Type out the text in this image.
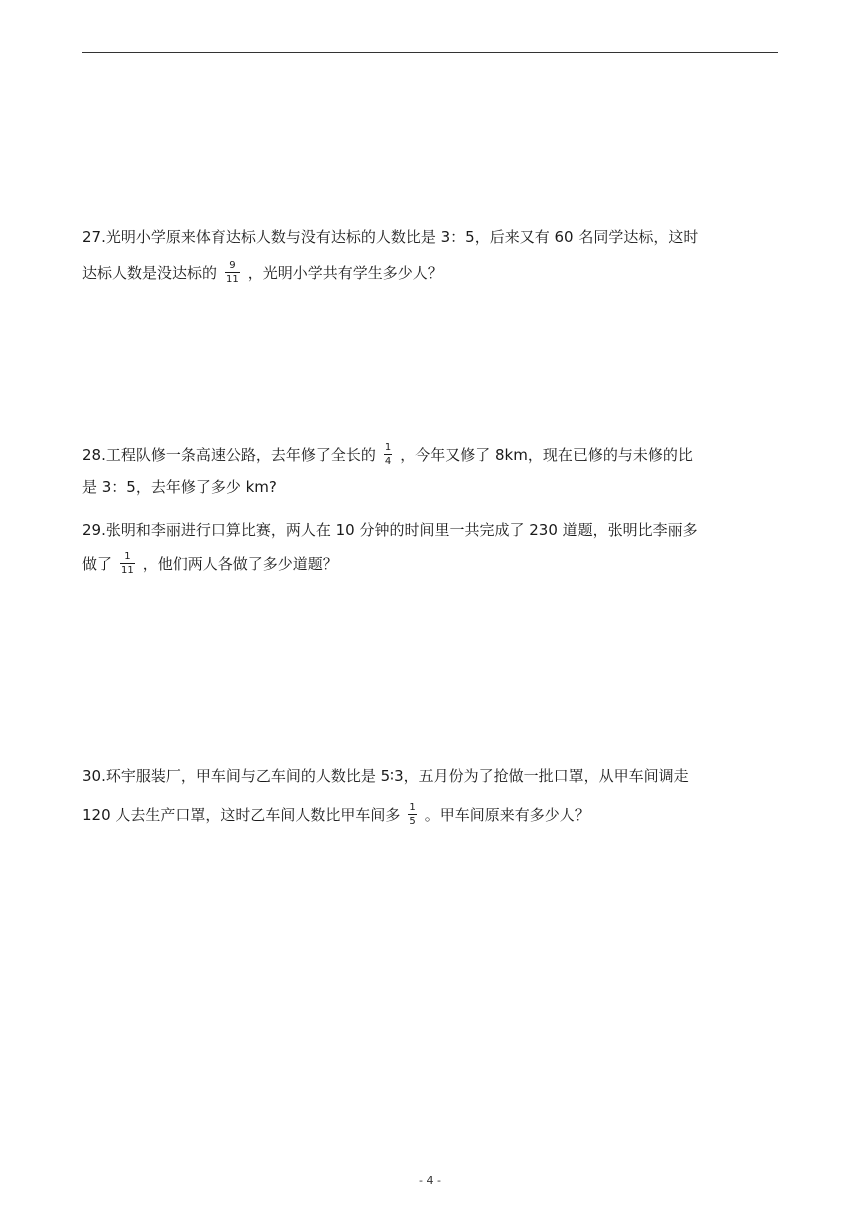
27.光明小学原来体育达标人数与没有达标的人数比是 3：5，后来又有 60 名同学达标，这时
达标人数是没达标的 $\frac{9}{11}$ ，光明小学共有学生多少人？
28.工程队修一条高速公路，去年修了全长的 $\frac{1}{4}$ ，今年又修了 8km，现在已修的与未修的比
是 3：5，去年修了多少 km?
29.张明和李丽进行口算比赛，两人在 10 分钟的时间里一共完成了 230 道题，张明比李丽多
做了 $\frac{1}{11}$ ，他们两人各做了多少道题？
30.环宇服装厂，甲车间与乙车间的人数比是 5∶3，五月份为了抢做一批口罩，从甲车间调走
120 人去生产口罩，这时乙车间人数比甲车间多 $\frac{1}{5}$ 。甲车间原来有多少人？
- 4 -
